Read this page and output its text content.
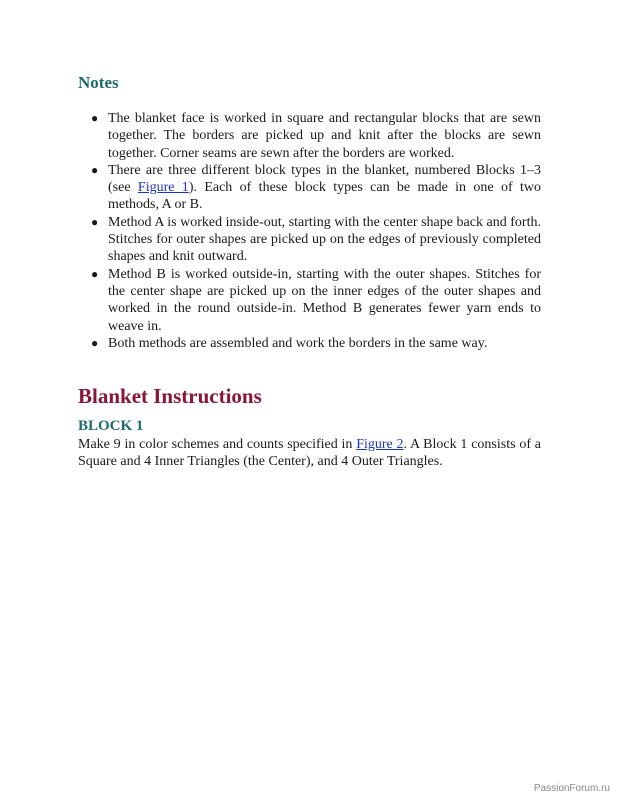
Notes
● The blanket face is worked in square and rectangular blocks that are sewn together. The borders are picked up and knit after the blocks are sewn together. Corner seams are sewn after the borders are worked.
● There are three different block types in the blanket, numbered Blocks 1–3 (see Figure 1). Each of these block types can be made in one of two methods, A or B.
● Method A is worked inside-out, starting with the center shape back and forth. Stitches for outer shapes are picked up on the edges of previously completed shapes and knit outward.
● Method B is worked outside-in, starting with the outer shapes. Stitches for the center shape are picked up on the inner edges of the outer shapes and worked in the round outside-in. Method B generates fewer yarn ends to weave in.
● Both methods are assembled and work the borders in the same way.
Blanket Instructions
BLOCK 1

Make 9 in color schemes and counts specified in Figure 2. A Block 1 consists of a Square and 4 Inner Triangles (the Center), and 4 Outer Triangles.

PassionForum.ru
